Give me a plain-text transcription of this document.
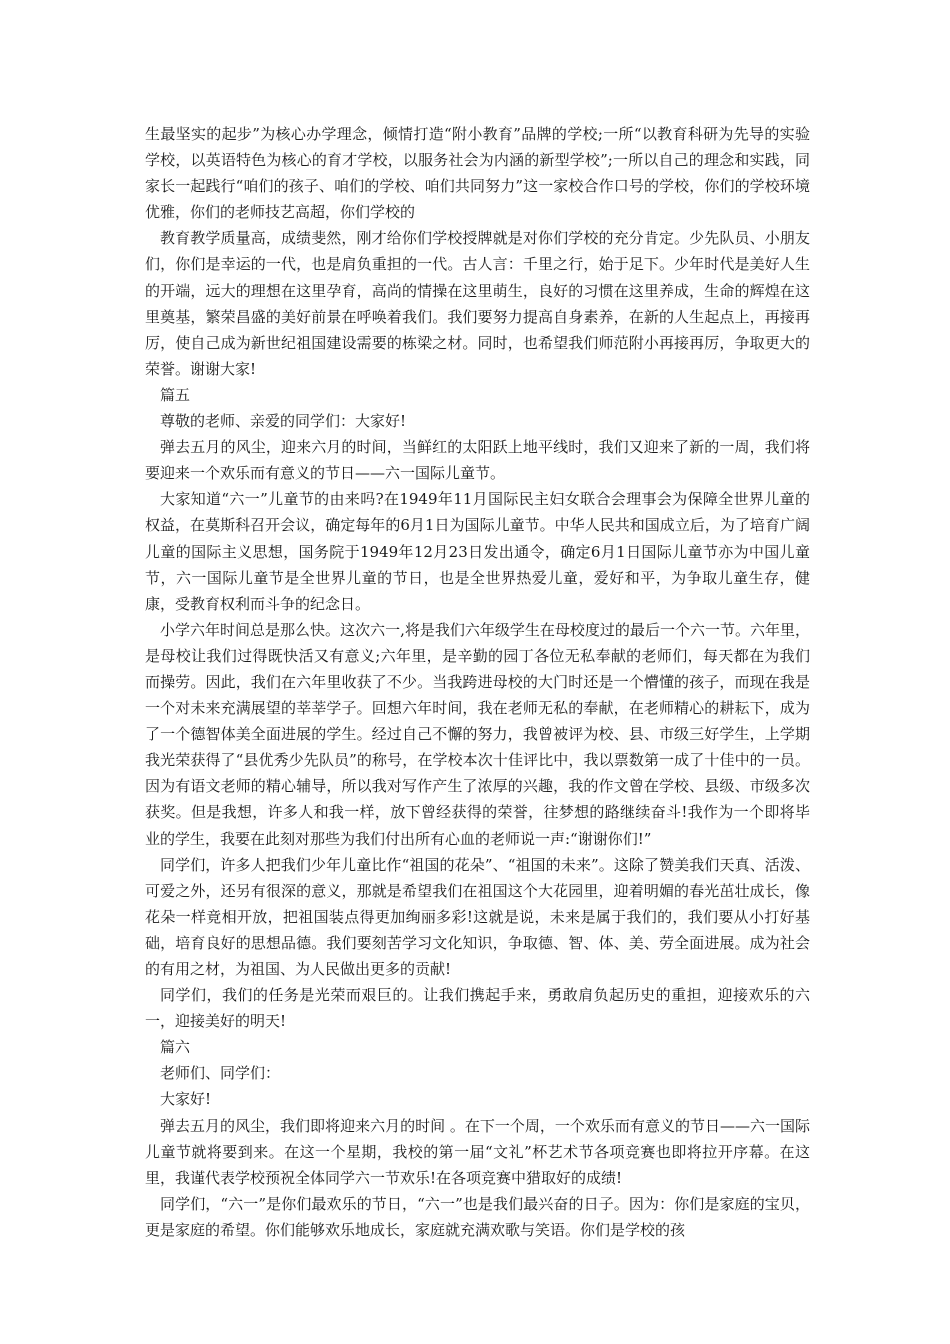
生最坚实的起步”为核心办学理念，倾情打造“附小教育”品牌的学校;一所“以教育科研为先导的实验学校，以英语特色为核心的育才学校，以服务社会为内涵的新型学校”;一所以自己的理念和实践，同家长一起践行“咱们的孩子、咱们的学校、咱们共同努力”这一家校合作口号的学校，你们的学校环境优雅，你们的老师技艺高超，你们学校的

教育教学质量高，成绩斐然，刚才给你们学校授牌就是对你们学校的充分肯定。少先队员、小朋友们，你们是幸运的一代，也是肩负重担的一代。古人言：千里之行，始于足下。少年时代是美好人生的开端，远大的理想在这里孕育，高尚的情操在这里萌生，良好的习惯在这里养成，生命的辉煌在这里奠基，繁荣昌盛的美好前景在呼唤着我们。我们要努力提高自身素养，在新的人生起点上，再接再厉，使自己成为新世纪祖国建设需要的栋梁之材。同时，也希望我们师范附小再接再厉，争取更大的荣誉。谢谢大家!

篇五

尊敬的老师、亲爱的同学们：大家好!

弹去五月的风尘，迎来六月的时间，当鲜红的太阳跃上地平线时，我们又迎来了新的一周，我们将要迎来一个欢乐而有意义的节日——六一国际儿童节。

大家知道“六一”儿童节的由来吗?在1949年11月国际民主妇女联合会理事会为保障全世界儿童的权益，在莫斯科召开会议，确定每年的6月1日为国际儿童节。中华人民共和国成立后，为了培育广阔儿童的国际主义思想，国务院于1949年12月23日发出通令，确定6月1日国际儿童节亦为中国儿童节，六一国际儿童节是全世界儿童的节日，也是全世界热爱儿童，爱好和平，为争取儿童生存，健康，受教育权利而斗争的纪念日。

小学六年时间总是那么快。这次六一,将是我们六年级学生在母校度过的最后一个六一节。六年里，是母校让我们过得既快活又有意义;六年里，是辛勤的园丁各位无私奉献的老师们，每天都在为我们而操劳。因此，我们在六年里收获了不少。当我跨进母校的大门时还是一个懵懂的孩子，而现在我是一个对未来充满展望的莘莘学子。回想六年时间，我在老师无私的奉献，在老师精心的耕耘下，成为了一个德智体美全面进展的学生。经过自己不懈的努力，我曾被评为校、县、市级三好学生，上学期我光荣获得了“县优秀少先队员”的称号，在学校本次十佳评比中，我以票数第一成了十佳中的一员。因为有语文老师的精心辅导，所以我对写作产生了浓厚的兴趣，我的作文曾在学校、县级、市级多次获奖。但是我想，许多人和我一样，放下曾经获得的荣誉，往梦想的路继续奋斗!我作为一个即将毕业的学生，我要在此刻对那些为我们付出所有心血的老师说一声:“谢谢你们!”

同学们，许多人把我们少年儿童比作“祖国的花朵”、“祖国的未来”。这除了赞美我们天真、活泼、可爱之外，还另有很深的意义，那就是希望我们在祖国这个大花园里，迎着明媚的春光茁壮成长，像花朵一样竟相开放，把祖国装点得更加绚丽多彩!这就是说，未来是属于我们的，我们要从小打好基础，培育良好的思想品德。我们要刻苦学习文化知识，争取德、智、体、美、劳全面进展。成为社会的有用之材，为祖国、为人民做出更多的贡献!

同学们，我们的任务是光荣而艰巨的。让我们携起手来，勇敢肩负起历史的重担，迎接欢乐的六一，迎接美好的明天!

篇六

老师们、同学们：

大家好!

弹去五月的风尘，我们即将迎来六月的时间 。在下一个周，一个欢乐而有意义的节日——六一国际儿童节就将要到来。在这一个星期，我校的第一届“文礼”杯艺术节各项竞赛也即将拉开序幕。在这里，我谨代表学校预祝全体同学六一节欢乐!在各项竞赛中猎取好的成绩!

同学们，“六一”是你们最欢乐的节日，“六一”也是我们最兴奋的日子。因为：你们是家庭的宝贝，更是家庭的希望。你们能够欢乐地成长，家庭就充满欢歌与笑语。你们是学校的孩
